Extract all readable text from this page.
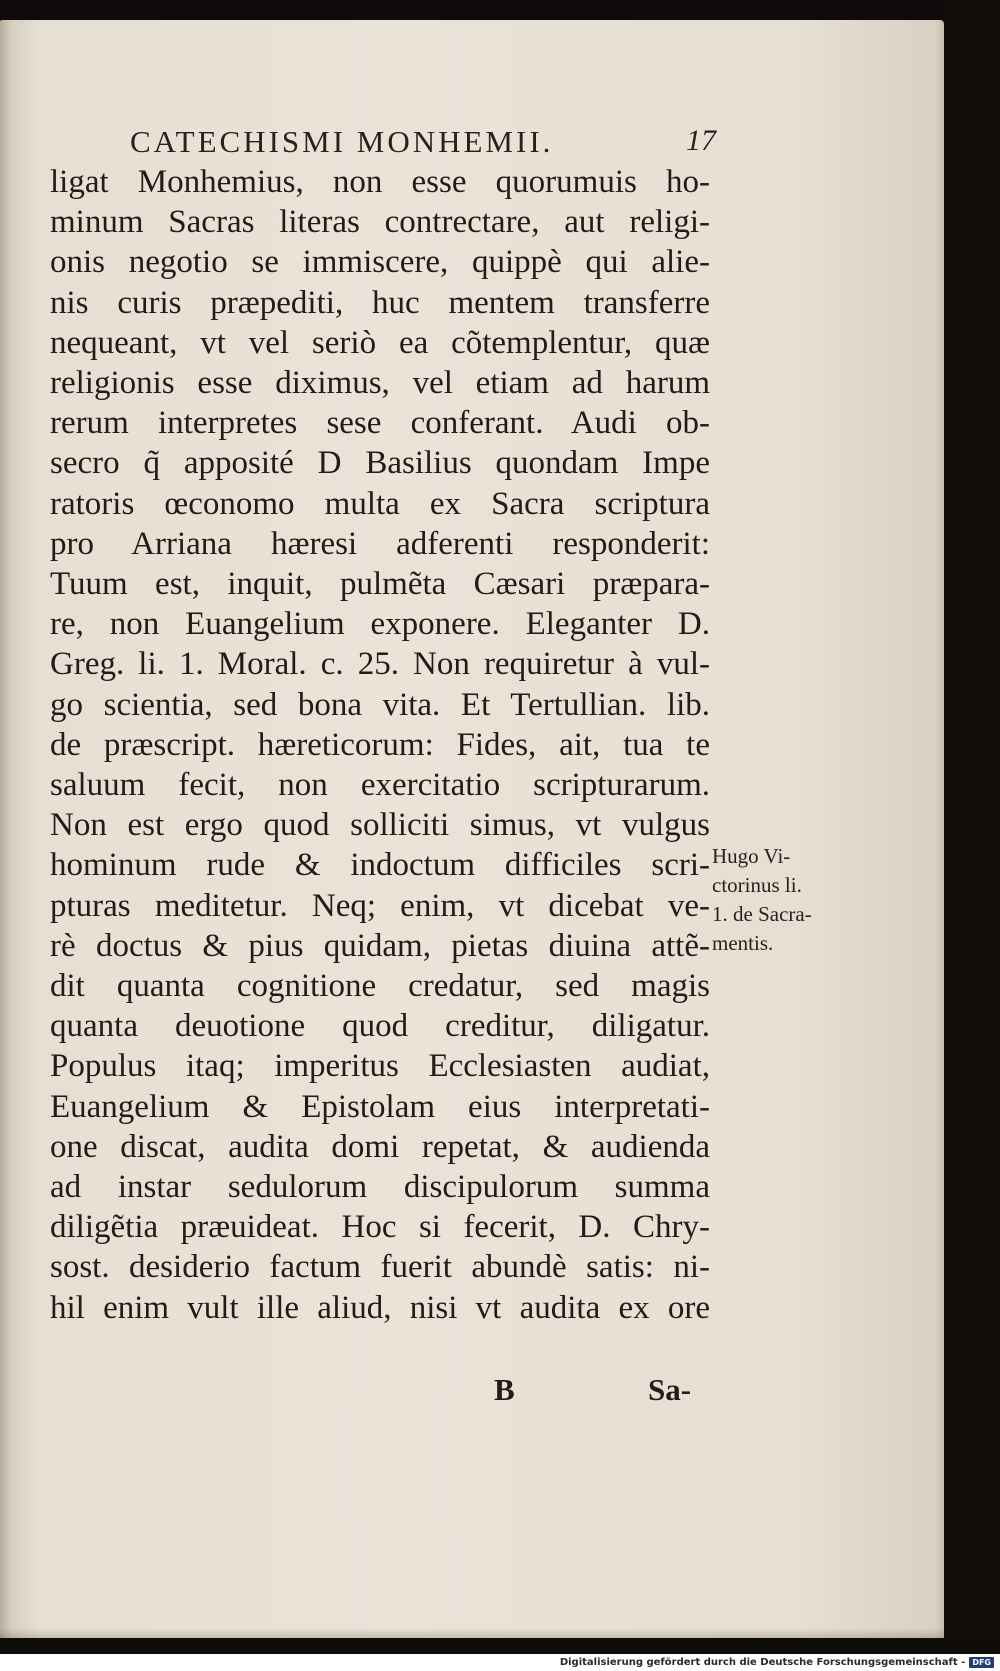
CATECHISMI MONHEMII.	17
ligat Monhemius, non esse quorumuis ho-
minum Sacras literas contrectare, aut religi-
onis negotio se immiscere, quippè qui alie-
nis curis præpediti, huc mentem transferre
nequeant, vt vel seriò ea cõtemplentur, quæ
religionis esse diximus, vel etiam ad harum
rerum interpretes sese conferant. Audi ob-
secro q̃ apposité D Basilius quondam Impe
ratoris œconomo multa ex Sacra scriptura
pro Arriana hæresi adferenti responderit:
Tuum est, inquit, pulmẽta Cæsari præpara-
re, non Euangelium exponere. Eleganter D.
Greg. li. 1. Moral. c. 25. Non requiretur à vul-
go scientia, sed bona vita. Et Tertullian. lib.
de præscript. hæreticorum: Fides, ait, tua te
saluum fecit, non exercitatio scripturarum.
Non est ergo quod solliciti simus, vt vulgus
hominum rude & indoctum difficiles scri-
pturas meditetur. Neq; enim, vt dicebat ve-
rè doctus & pius quidam, pietas diuina attẽ-
dit quanta cognitione credatur, sed magis
quanta deuotione quod creditur, diligatur.
Populus itaq; imperitus Ecclesiasten audiat,
Euangelium & Epistolam eius interpretati-
one discat, audita domi repetat, & audienda
ad instar sedulorum discipulorum summa
diligẽtia præuideat. Hoc si fecerit, D. Chry-
sost. desiderio factum fuerit abundè satis: ni-
hil enim vult ille aliud, nisi vt audita ex ore
Hugo Vi-
ctorinus li.
1. de Sacra-
mentis.
B	Sa-
Digitalisierung gefördert durch die Deutsche Forschungsgemeinschaft - DFG
